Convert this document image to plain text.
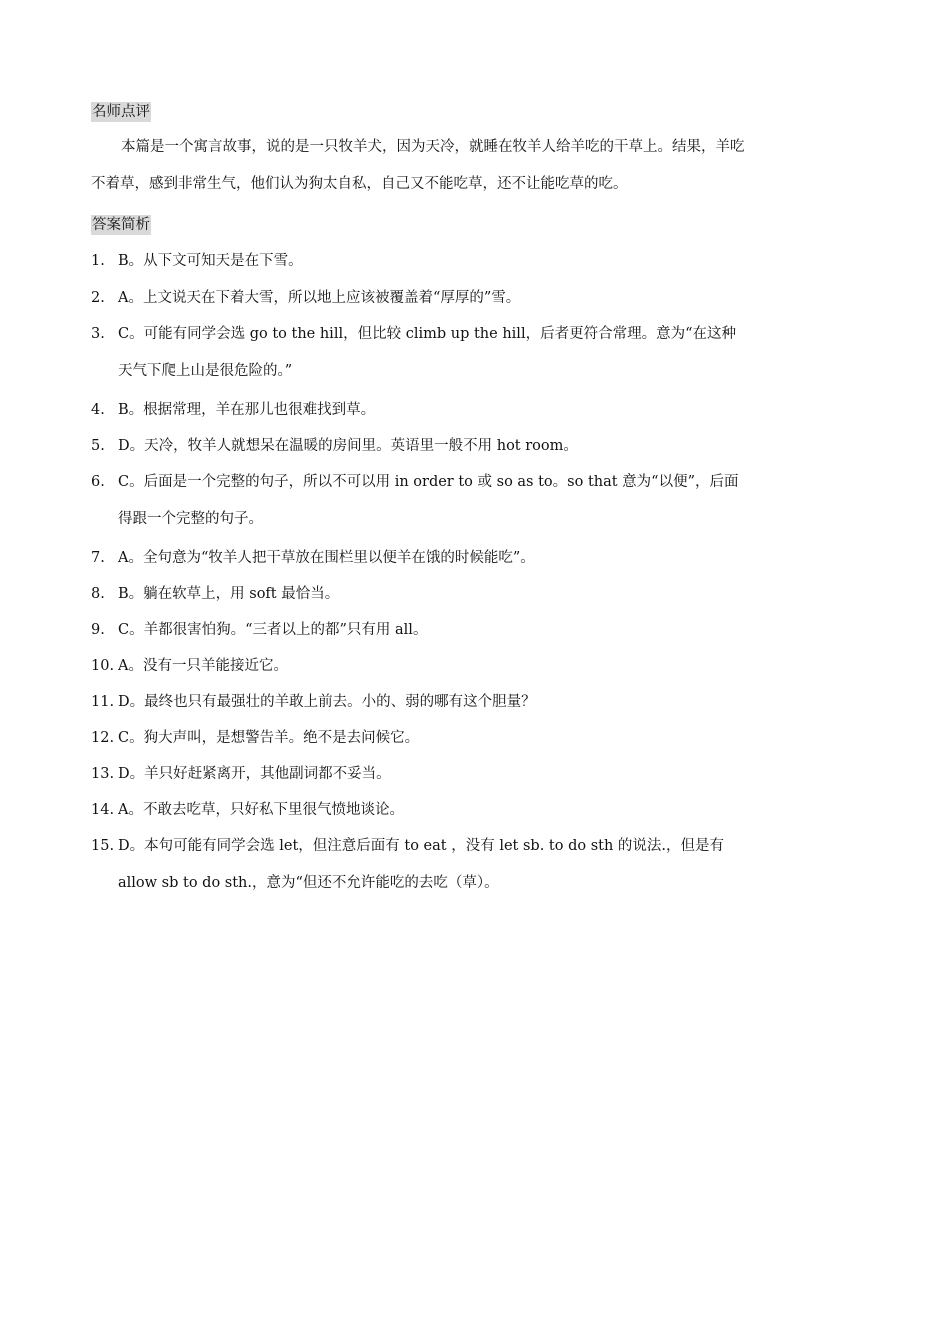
名师点评
本篇是一个寓言故事，说的是一只牧羊犬，因为天冷，就睡在牧羊人给羊吃的干草上。结果，羊吃
不着草，感到非常生气，他们认为狗太自私，自己又不能吃草，还不让能吃草的吃。
答案简析
1. B。从下文可知天是在下雪。
2. A。上文说天在下着大雪，所以地上应该被覆盖着“厚厚的”雪。
3. C。可能有同学会选 go to the hill，但比较 climb up the hill，后者更符合常理。意为“在这种
天气下爬上山是很危险的。”
4. B。根据常理，羊在那儿也很难找到草。
5. D。天冷，牧羊人就想呆在温暖的房间里。英语里一般不用 hot room。
6. C。后面是一个完整的句子，所以不可以用 in order to 或 so as to。so that 意为“以便”，后面
得跟一个完整的句子。
7. A。全句意为“牧羊人把干草放在围栏里以便羊在饿的时候能吃”。
8. B。躺在软草上，用 soft 最恰当。
9. C。羊都很害怕狗。“三者以上的都”只有用 all。
10. A。没有一只羊能接近它。
11. D。最终也只有最强壮的羊敢上前去。小的、弱的哪有这个胆量？
12. C。狗大声叫，是想警告羊。绝不是去问候它。
13. D。羊只好赶紧离开，其他副词都不妥当。
14. A。不敢去吃草，只好私下里很气愤地谈论。
15. D。本句可能有同学会选 let，但注意后面有 to eat ，没有 let sb. to do sth 的说法.，但是有
allow sb to do sth.，意为“但还不允许能吃的去吃（草）。
